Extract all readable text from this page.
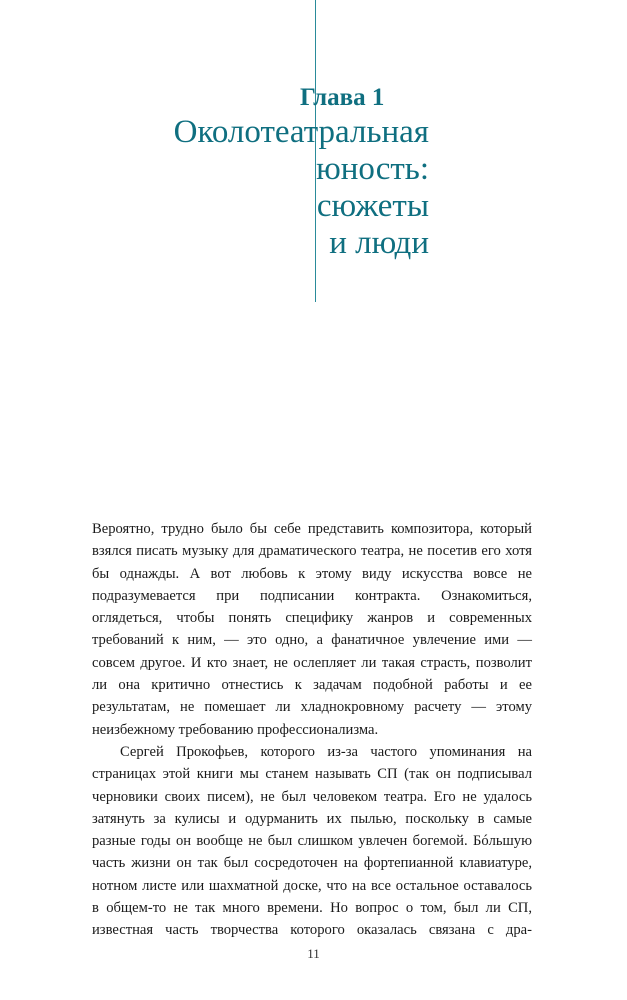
Глава 1
Околотеатральная
юность:
сюжеты
и люди

Вероятно, трудно было бы себе представить композитора, который взялся писать музыку для драматического театра, не посетив его хотя бы однажды. А вот любовь к этому виду искусства вовсе не подразумевается при подписании контракта. Ознакомиться, оглядеться, чтобы понять специфику жанров и современных требований к ним, — это одно, а фанатичное увлечение ими — совсем другое. И кто знает, не ослепляет ли такая страсть, позволит ли она критично отнестись к задачам подобной работы и ее результатам, не помешает ли хладнокровному расчету — этому неизбежному требованию профессионализма.

Сергей Прокофьев, которого из-за частого упоминания на страницах этой книги мы станем называть СП (так он подписывал черновики своих писем), не был человеком театра. Его не удалось затянуть за кулисы и одурманить их пылью, поскольку в самые разные годы он вообще не был слишком увлечен богемой. Бóльшую часть жизни он так был сосредоточен на фортепианной клавиатуре, нотном листе или шахматной доске, что на все остальное оставалось в общем-то не так много времени. Но вопрос о том, был ли СП, известная часть творчества которого оказалась связана с дра-

11
